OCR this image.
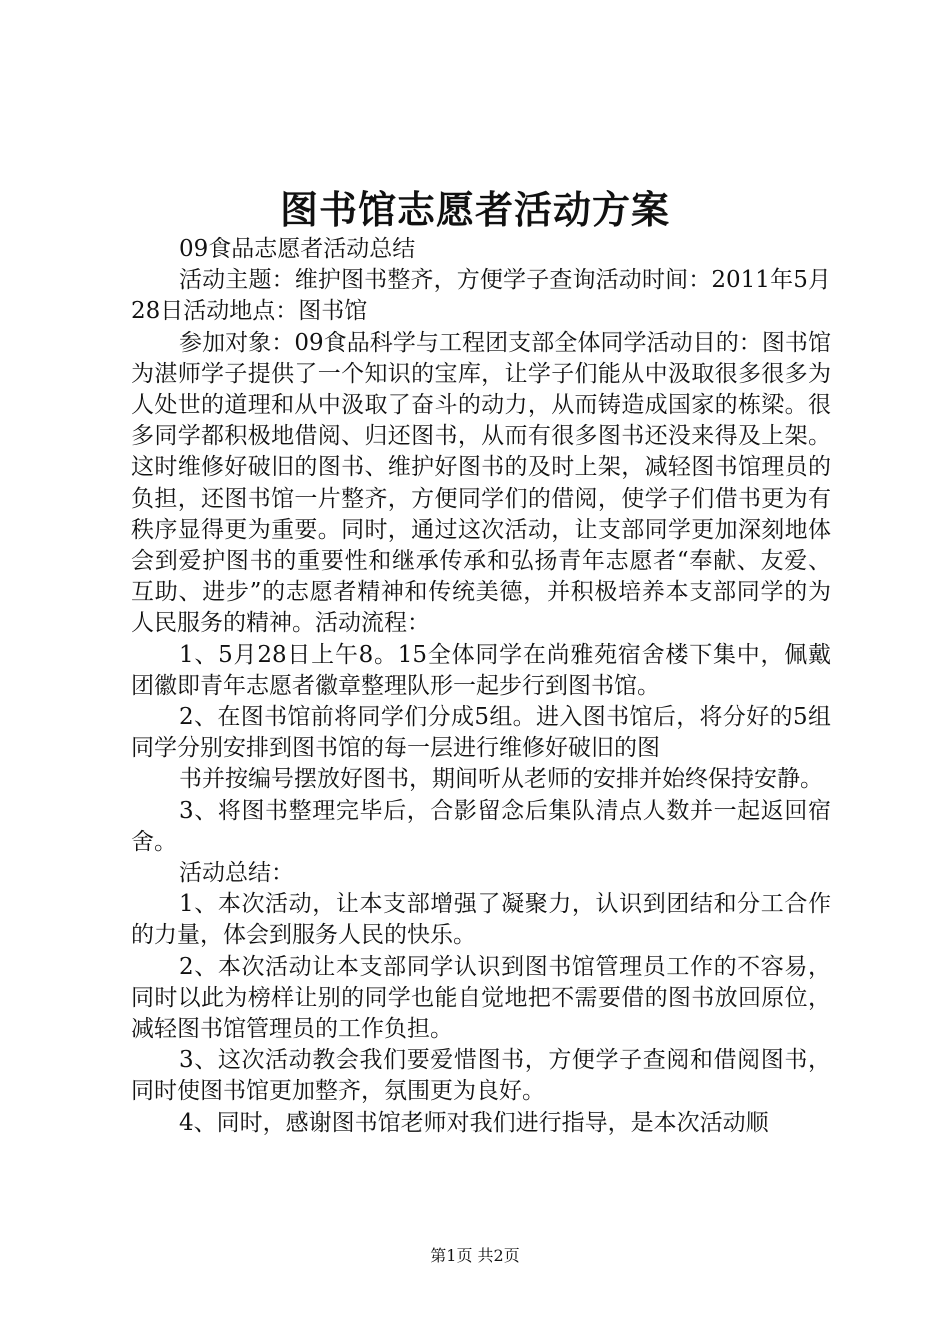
图书馆志愿者活动方案

09食品志愿者活动总结

活动主题：维护图书整齐，方便学子查询活动时间：2011年5月28日活动地点：图书馆

参加对象：09食品科学与工程团支部全体同学活动目的：图书馆为湛师学子提供了一个知识的宝库，让学子们能从中汲取很多很多为人处世的道理和从中汲取了奋斗的动力，从而铸造成国家的栋梁。很多同学都积极地借阅、归还图书，从而有很多图书还没来得及上架。这时维修好破旧的图书、维护好图书的及时上架，减轻图书馆理员的负担，还图书馆一片整齐，方便同学们的借阅，使学子们借书更为有秩序显得更为重要。同时，通过这次活动，让支部同学更加深刻地体会到爱护图书的重要性和继承传承和弘扬青年志愿者“奉献、友爱、互助、进步”的志愿者精神和传统美德，并积极培养本支部同学的为人民服务的精神。活动流程：

1、5月28日上午8。15全体同学在尚雅苑宿舍楼下集中，佩戴团徽即青年志愿者徽章整理队形一起步行到图书馆。

2、在图书馆前将同学们分成5组。进入图书馆后，将分好的5组同学分别安排到图书馆的每一层进行维修好破旧的图

书并按编号摆放好图书，期间听从老师的安排并始终保持安静。

3、将图书整理完毕后，合影留念后集队清点人数并一起返回宿舍。

活动总结：

1、本次活动，让本支部增强了凝聚力，认识到团结和分工合作的力量，体会到服务人民的快乐。

2、本次活动让本支部同学认识到图书馆管理员工作的不容易，同时以此为榜样让别的同学也能自觉地把不需要借的图书放回原位，减轻图书馆管理员的工作负担。

3、这次活动教会我们要爱惜图书，方便学子查阅和借阅图书，同时使图书馆更加整齐，氛围更为良好。

4、同时，感谢图书馆老师对我们进行指导，是本次活动顺

第1页 共2页
